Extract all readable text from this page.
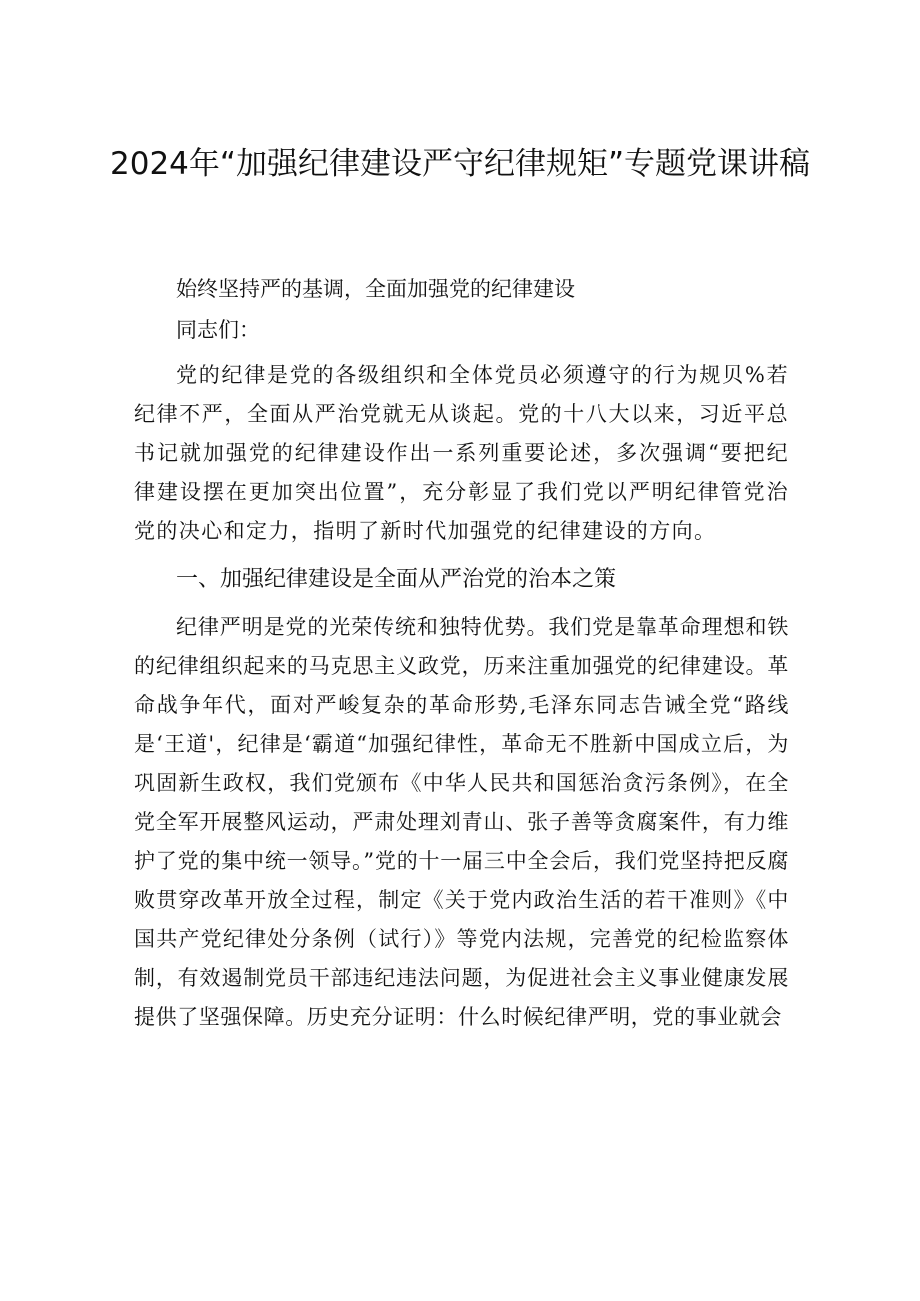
2024年“加强纪律建设严守纪律规矩”专题党课讲稿

始终坚持严的基调，全面加强党的纪律建设

同志们：

党的纪律是党的各级组织和全体党员必须遵守的行为规贝%若纪律不严，全面从严治党就无从谈起。党的十八大以来，习近平总书记就加强党的纪律建设作出一系列重要论述，多次强调“要把纪律建设摆在更加突出位置”，充分彰显了我们党以严明纪律管党治党的决心和定力，指明了新时代加强党的纪律建设的方向。

一、加强纪律建设是全面从严治党的治本之策

纪律严明是党的光荣传统和独特优势。我们党是靠革命理想和铁的纪律组织起来的马克思主义政党，历来注重加强党的纪律建设。革命战争年代，面对严峻复杂的革命形势,毛泽东同志告诫全党“路线是‘王道'，纪律是‘霸道“加强纪律性，革命无不胜新中国成立后，为巩固新生政权，我们党颁布《中华人民共和国惩治贪污条例》，在全党全军开展整风运动，严肃处理刘青山、张子善等贪腐案件，有力维护了党的集中统一领导。”党的十一届三中全会后，我们党坚持把反腐败贯穿改革开放全过程，制定《关于党内政治生活的若干准则》《中国共产党纪律处分条例（试行）》等党内法规，完善党的纪检监察体制，有效遏制党员干部违纪违法问题，为促进社会主义事业健康发展提供了坚强保障。历史充分证明：什么时候纪律严明，党的事业就会
